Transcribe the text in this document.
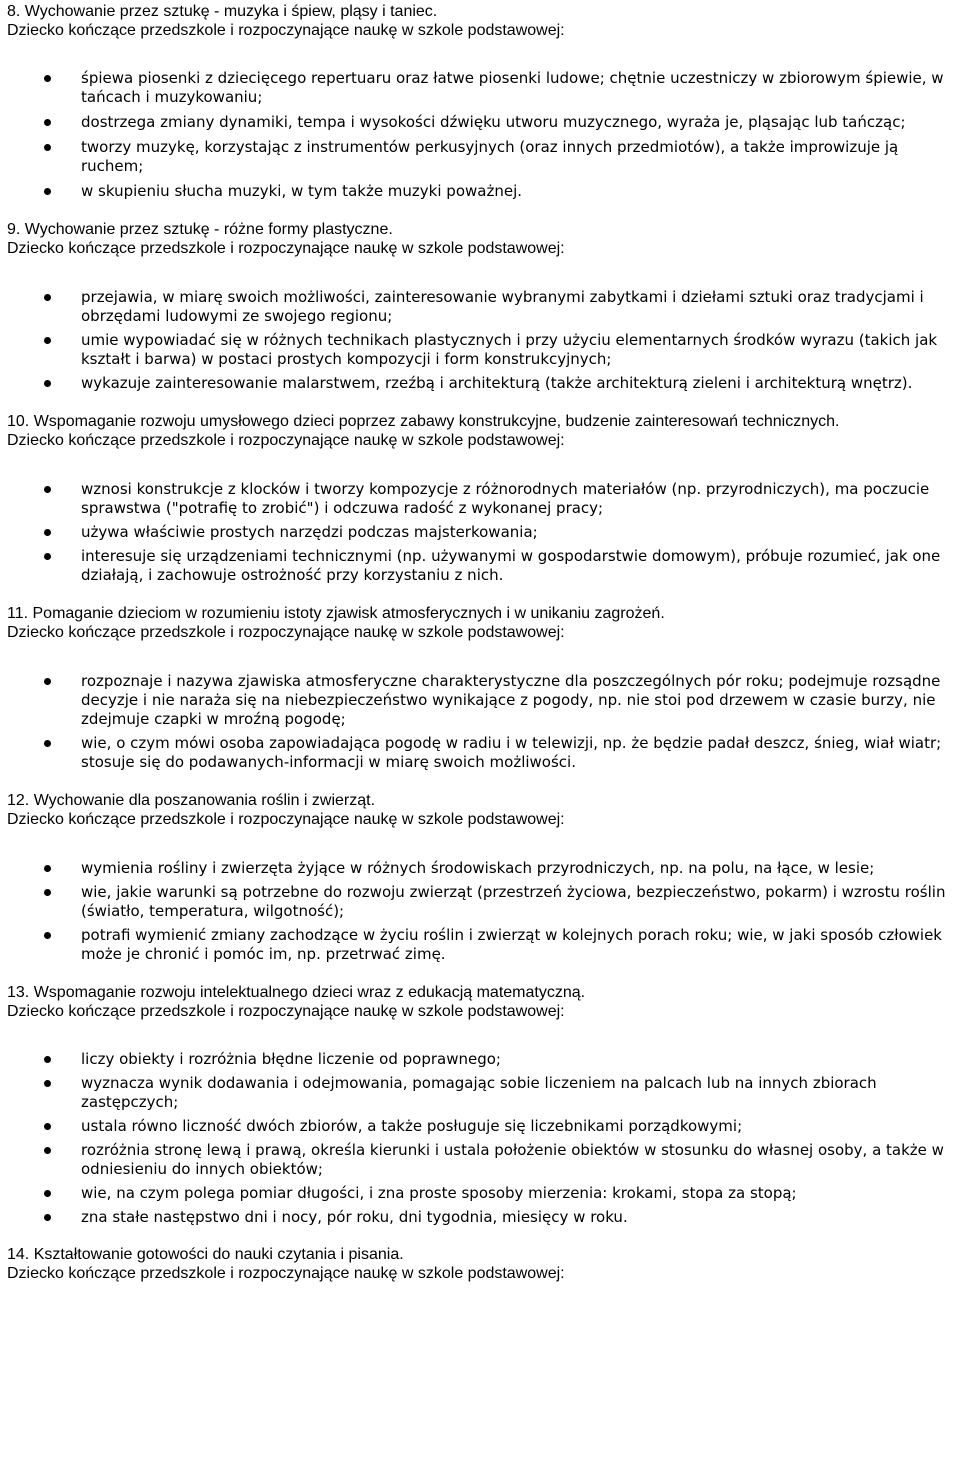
8. Wychowanie przez sztukę - muzyka i śpiew, pląsy i taniec.
Dziecko kończące przedszkole i rozpoczynające naukę w szkole podstawowej:
śpiewa piosenki z dziecięcego repertuaru oraz łatwe piosenki ludowe; chętnie uczestniczy w zbiorowym śpiewie, w tańcach i muzykowaniu;
dostrzega zmiany dynamiki, tempa i wysokości dźwięku utworu muzycznego, wyraża je, pląsając lub tańcząc;
tworzy muzykę, korzystając z instrumentów perkusyjnych (oraz innych przedmiotów), a także improwizuje ją ruchem;
w skupieniu słucha muzyki, w tym także muzyki poważnej.
9. Wychowanie przez sztukę - różne formy plastyczne.
Dziecko kończące przedszkole i rozpoczynające naukę w szkole podstawowej:
przejawia, w miarę swoich możliwości, zainteresowanie wybranymi zabytkami i dziełami sztuki oraz tradycjami i obrzędami ludowymi ze swojego regionu;
umie wypowiadać się w różnych technikach plastycznych i przy użyciu elementarnych środków wyrazu (takich jak kształt i barwa) w postaci prostych kompozycji i form konstrukcyjnych;
wykazuje zainteresowanie malarstwem, rzeźbą i architekturą (także architekturą zieleni i architekturą wnętrz).
10. Wspomaganie rozwoju umysłowego dzieci poprzez zabawy konstrukcyjne, budzenie zainteresowań technicznych.
Dziecko kończące przedszkole i rozpoczynające naukę w szkole podstawowej:
wznosi konstrukcje z klocków i tworzy kompozycje z różnorodnych materiałów (np. przyrodniczych), ma poczucie sprawstwa ("potrafię to zrobić") i odczuwa radość z wykonanej pracy;
używa właściwie prostych narzędzi podczas majsterkowania;
interesuje się urządzeniami technicznymi (np. używanymi w gospodarstwie domowym), próbuje rozumieć, jak one działają, i zachowuje ostrożność przy korzystaniu z nich.
11. Pomaganie dzieciom w rozumieniu istoty zjawisk atmosferycznych i w unikaniu zagrożeń.
Dziecko kończące przedszkole i rozpoczynające naukę w szkole podstawowej:
rozpoznaje i nazywa zjawiska atmosferyczne charakterystyczne dla poszczególnych pór roku; podejmuje rozsądne decyzje i nie naraża się na niebezpieczeństwo wynikające z pogody, np. nie stoi pod drzewem w czasie burzy, nie zdejmuje czapki w mroźną pogodę;
wie, o czym mówi osoba zapowiadająca pogodę w radiu i w telewizji, np. że będzie padał deszcz, śnieg, wiał wiatr; stosuje się do podawanych-informacji w miarę swoich możliwości.
12. Wychowanie dla poszanowania roślin i zwierząt.
Dziecko kończące przedszkole i rozpoczynające naukę w szkole podstawowej:
wymienia rośliny i zwierzęta żyjące w różnych środowiskach przyrodniczych, np. na polu, na łące, w lesie;
wie, jakie warunki są potrzebne do rozwoju zwierząt (przestrzeń życiowa, bezpieczeństwo, pokarm) i wzrostu roślin (światło, temperatura, wilgotność);
potrafi wymienić zmiany zachodzące w życiu roślin i zwierząt w kolejnych porach roku; wie, w jaki sposób człowiek może je chronić i pomóc im, np. przetrwać zimę.
13. Wspomaganie rozwoju intelektualnego dzieci wraz z edukacją matematyczną.
Dziecko kończące przedszkole i rozpoczynające naukę w szkole podstawowej:
liczy obiekty i rozróżnia błędne liczenie od poprawnego;
wyznacza wynik dodawania i odejmowania, pomagając sobie liczeniem na palcach lub na innych zbiorach zastępczych;
ustala równo liczność dwóch zbiorów, a także posługuje się liczebnikami porządkowymi;
rozróżnia stronę lewą i prawą, określa kierunki i ustala położenie obiektów w stosunku do własnej osoby, a także w odniesieniu do innych obiektów;
wie, na czym polega pomiar długości, i zna proste sposoby mierzenia: krokami, stopa za stopą;
zna stałe następstwo dni i nocy, pór roku, dni tygodnia, miesięcy w roku.
14. Kształtowanie gotowości do nauki czytania i pisania.
Dziecko kończące przedszkole i rozpoczynające naukę w szkole podstawowej:
